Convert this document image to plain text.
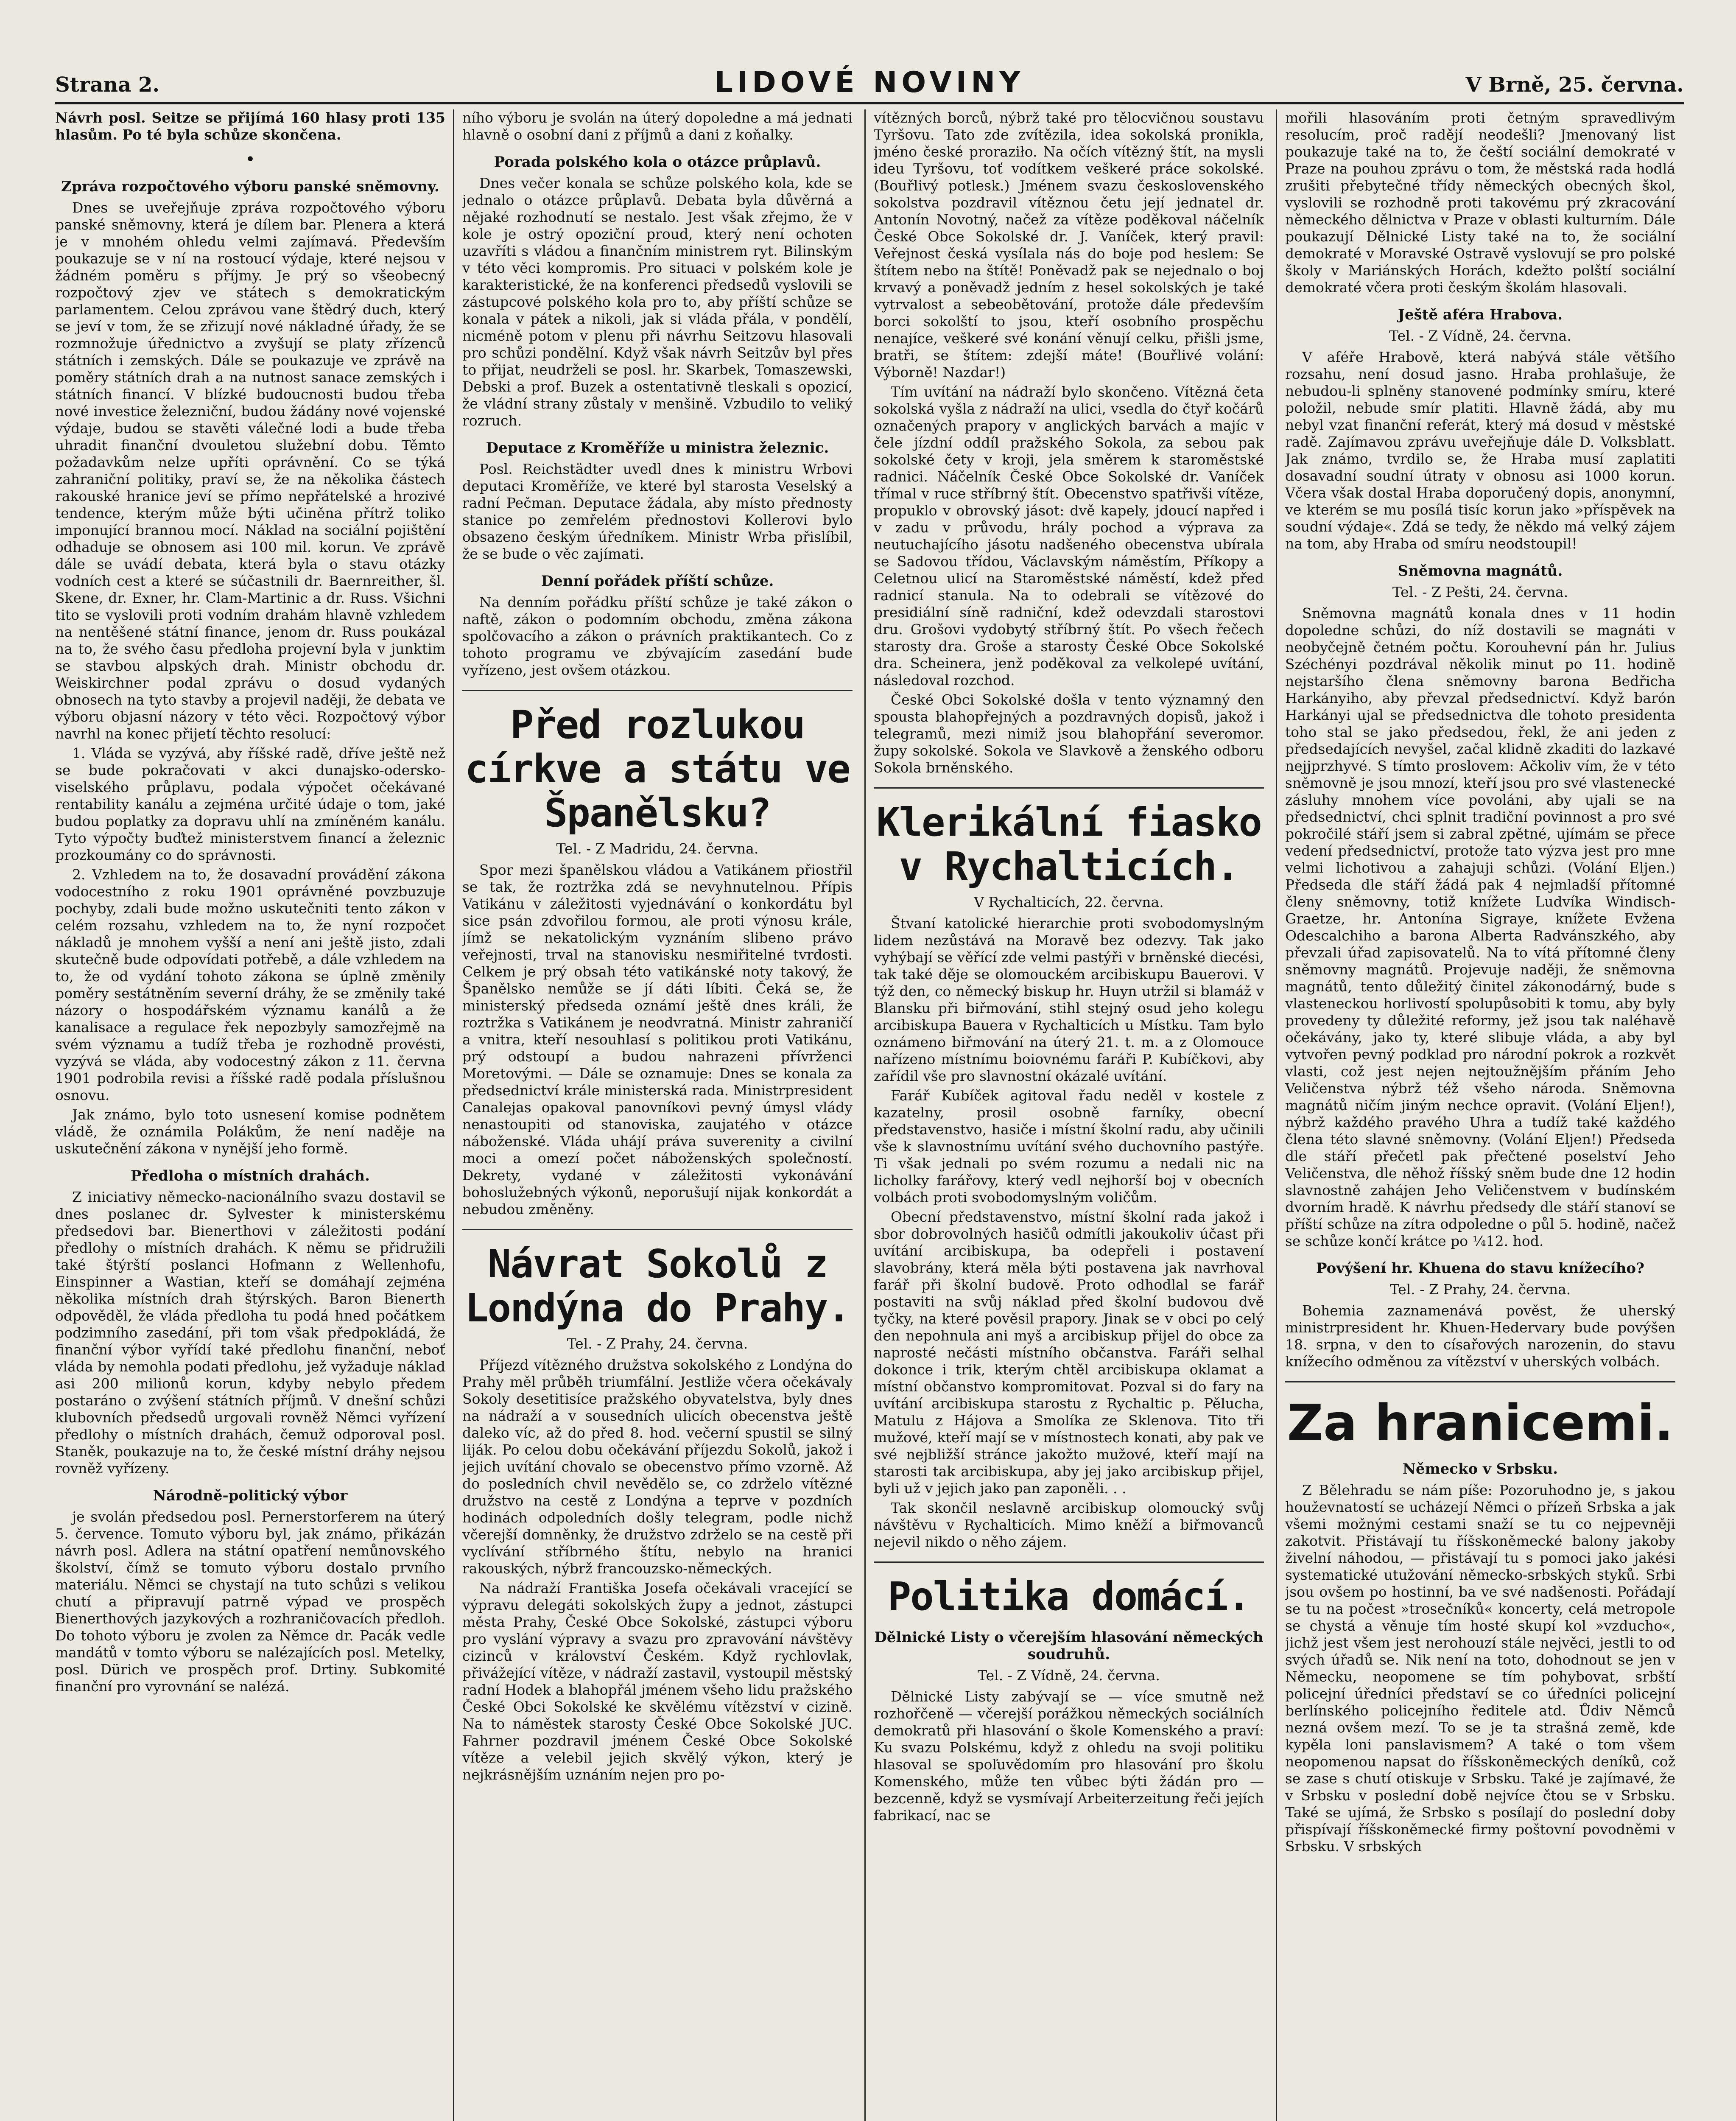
Strana 2.	LIDOVÉ NOVINY	V Brně, 25. června.

Návrh posl. Seitze se přijímá 160 hlasy proti 135 hlasům. Po té byla schůze skončena.

•
Zpráva rozpočtového výboru panské sněmovny.

Dnes se uveřejňuje zpráva rozpočtového výboru panské sněmovny, která je dílem bar. Plenera a která je v mnohém ohledu velmi zajímavá. Především poukazuje se v ní na rostoucí výdaje, které nejsou v žádném poměru s příjmy. Je prý so všeobecný rozpočtový zjev ve státech s demokratickým parlamentem. Celou zprávou vane štědrý duch, který se jeví v tom, že se zřizují nové nákladné úřady, že se rozmnožuje úřednictvo a zvyšují se platy zřízenců státních i zemských. Dále se poukazuje ve zprávě na poměry státních drah a na nutnost sanace zemských i státních financí. V blízké budoucnosti budou třeba nové investice železniční, budou žádány nové vojenské výdaje, budou se stavěti válečné lodi a bude třeba uhradit finanční dvouletou služební dobu. Těmto požadavkům nelze upříti oprávnění. Co se týká zahraniční politiky, praví se, že na několika částech rakouské hranice jeví se přímo nepřátelské a hrozivé tendence, kterým může býti učiněna přítrž toliko imponující brannou mocí. Náklad na sociální pojištění odhaduje se obnosem asi 100 mil. korun. Ve zprávě dále se uvádí debata, která byla o stavu otázky vodních cest a které se súčastnili dr. Baernreither, šl. Skene, dr. Exner, hr. Clam-Martinic a dr. Russ. Všichni tito se vyslovili proti vodním drahám hlavně vzhledem na nentěšené státní finance, jenom dr. Russ poukázal na to, že svého času předloha projevní byla v junktim se stavbou alpských drah. Ministr obchodu dr. Weiskirchner podal zprávu o dosud vydaných obnosech na tyto stavby a projevil naději, že debata ve výboru objasní názory v této věci. Rozpočtový výbor navrhl na konec přijetí těchto resolucí:

1. Vláda se vyzývá, aby říšské radě, dříve ještě než se bude pokračovati v akci dunajsko-odersko-viselského průplavu, podala výpočet očekávané rentability kanálu a zejména určité údaje o tom, jaké budou poplatky za dopravu uhlí na zmíněném kanálu. Tyto výpočty buďtež ministerstvem financí a železnic prozkoumány co do správnosti.

2. Vzhledem na to, že dosavadní provádění zákona vodocestního z roku 1901 oprávněné povzbuzuje pochyby, zdali bude možno uskutečniti tento zákon v celém rozsahu, vzhledem na to, že nyní rozpočet nákladů je mnohem vyšší a není ani ještě jisto, zdali skutečně bude odpovídati potřebě, a dále vzhledem na to, že od vydání tohoto zákona se úplně změnily poměry sestátněním severní dráhy, že se změnily také názory o hospodářském významu kanálů a že kanalisace a regulace řek nepozbyly samozřejmě na svém významu a tudíž třeba je rozhodně provésti, vyzývá se vláda, aby vodocestný zákon z 11. června 1901 podrobila revisi a říšské radě podala příslušnou osnovu.

Jak známo, bylo toto usnesení komise podnětem vládě, že oznámila Polákům, že není naděje na uskutečnění zákona v nynější jeho formě.

Předloha o místních drahách.

Z iniciativy německo-nacionálního svazu dostavil se dnes poslanec dr. Sylvester k ministerskému předsedovi bar. Bienerthovi v záležitosti podání předlohy o místních drahách. K němu se přidružili také štýrští poslanci Hofmann z Wellenhofu, Einspinner a Wastian, kteří se domáhají zejména několika místních drah štýrských. Baron Bienerth odpověděl, že vláda předloha tu podá hned počátkem podzimního zasedání, při tom však předpokládá, že finanční výbor vyřídí také předlohu finanční, neboť vláda by nemohla podati předlohu, jež vyžaduje náklad asi 200 milionů korun, kdyby nebylo předem postaráno o zvýšení státních příjmů. V dnešní schůzi klubovních předsedů urgovali rovněž Němci vyřízení předlohy o místních drahách, čemuž odporoval posl. Staněk, poukazuje na to, že české místní dráhy nejsou rovněž vyřízeny.

Národně-politický výbor

je svolán předsedou posl. Pernerstorferem na úterý 5. července. Tomuto výboru byl, jak známo, přikázán návrh posl. Adlera na státní opatření nemůnovského školství, čímž se tomuto výboru dostalo prvního materiálu. Němci se chystají na tuto schůzi s velikou chutí a připravují patrně výpad ve prospěch Bienerthových jazykových a rozhraničovacích předloh. Do tohoto výboru je zvolen za Němce dr. Pacák vedle mandátů v tomto výboru se nalézajících posl. Metelky, posl. Dürich ve prospěch prof. Drtiny. Subkomité finanční pro vyrovnání se nalézá.

ního výboru je svolán na úterý dopoledne a má jednati hlavně o osobní dani z příjmů a dani z koňalky.

Porada polského kola o otázce průplavů.

Dnes večer konala se schůze polského kola, kde se jednalo o otázce průplavů. Debata byla důvěrná a nějaké rozhodnutí se nestalo. Jest však zřejmo, že v kole je ostrý opoziční proud, který není ochoten uzavříti s vládou a finančním ministrem ryt. Bilinským v této věci kompromis. Pro situaci v polském kole je karakteristické, že na konferenci předsedů vyslovili se zástupcové polského kola pro to, aby příští schůze se konala v pátek a nikoli, jak si vláda přála, v pondělí, nicméně potom v plenu při návrhu Seitzovu hlasovali pro schůzi pondělní. Když však návrh Seitzův byl přes to přijat, neudrželi se posl. hr. Skarbek, Tomaszewski, Debski a prof. Buzek a ostentativně tleskali s opozicí, že vládní strany zůstaly v menšině. Vzbudilo to veliký rozruch.

Deputace z Kroměříže u ministra železnic.

Posl. Reichstädter uvedl dnes k ministru Wrbovi deputaci Kroměříže, ve které byl starosta Veselský a radní Pečman. Deputace žádala, aby místo přednosty stanice po zemřelém přednostovi Kollerovi bylo obsazeno českým úředníkem. Ministr Wrba přislíbil, že se bude o věc zajímati.

Denní pořádek příští schůze.

Na denním pořádku příští schůze je také zákon o naftě, zákon o podomním obchodu, změna zákona spolčovacího a zákon o právních praktikantech. Co z tohoto programu ve zbývajícím zasedání bude vyřízeno, jest ovšem otázkou.

Před rozlukou církve a státu ve Španělsku?
Tel. - Z Madridu, 24. června.

Spor mezi španělskou vládou a Vatikánem přiostřil se tak, že roztržka zdá se nevyhnutelnou. Přípis Vatikánu v záležitosti vyjednávání o konkordátu byl sice psán zdvořilou formou, ale proti výnosu krále, jímž se nekatolickým vyznáním slibeno právo veřejnosti, trval na stanovisku nesmiřitelné tvrdosti. Celkem je prý obsah této vatikánské noty takový, že Španělsko nemůže se jí dáti líbiti. Čeká se, že ministerský předseda oznámí ještě dnes králi, že roztržka s Vatikánem je neodvratná. Ministr zahraničí a vnitra, kteří nesouhlasí s politikou proti Vatikánu, prý odstoupí a budou nahrazeni přívrženci Moretovými. — Dále se oznamuje: Dnes se konala za předsednictví krále ministerská rada. Ministrpresident Canalejas opakoval panovníkovi pevný úmysl vlády nenastoupiti od stanoviska, zaujatého v otázce náboženské. Vláda uhájí práva suverenity a civilní moci a omezí počet náboženských společností. Dekrety, vydané v záležitosti vykonávání bohoslužebných výkonů, neporušují nijak konkordát a nebudou změněny.

Návrat Sokolů z Londýna do Prahy.
Tel. - Z Prahy, 24. června.

Příjezd vítězného družstva sokolského z Londýna do Prahy měl průběh triumfální. Jestliže včera očekávaly Sokoly desetitisíce pražského obyvatelstva, byly dnes na nádraží a v sousedních ulicích obecenstva ještě daleko víc, až do před 8. hod. večerní spustil se silný liják. Po celou dobu očekávání příjezdu Sokolů, jakož i jejich uvítání chovalo se obecenstvo přímo vzorně. Až do posledních chvil nevědělo se, co zdrželo vítězné družstvo na cestě z Londýna a teprve v pozdních hodinách odpoledních došly telegram, podle nichž včerejší domněnky, že družstvo zdrželo se na cestě při vyclívání stříbrného štítu, nebylo na hranici rakouských, nýbrž francouzsko-německých.

Na nádraží Františka Josefa očekávali vracející se výpravu delegáti sokolských župy a jednot, zástupci města Prahy, České Obce Sokolské, zástupci výboru pro vyslání výpravy a svazu pro zpravování návštěvy cizinců v království Českém. Když rychlovlak, přivážející vítěze, v nádraží zastavil, vystoupil městský radní Hodek a blahopřál jménem všeho lidu pražského České Obci Sokolské ke skvělému vítězství v cizině. Na to náměstek starosty České Obce Sokolské JUC. Fahrner pozdravil jménem České Obce Sokolské vítěze a velebil jejich skvělý výkon, který je nejkrásnějším uznáním nejen pro po-

vítězných borců, nýbrž také pro tělocvičnou soustavu Tyršovu. Tato zde zvítězila, idea sokolská pronikla, jméno české proraziło. Na očích vítězný štít, na mysli ideu Tyršovu, toť vodítkem veškeré práce sokolské. (Bouřlivý potlesk.) Jménem svazu československého sokolstva pozdravil vítěznou četu její jednatel dr. Antonín Novotný, načež za vítěze poděkoval náčelník České Obce Sokolské dr. J. Vaníček, který pravil: Veřejnost česká vysílala nás do boje pod heslem: Se štítem nebo na štítě! Poněvadž pak se nejednalo o boj krvavý a poněvadž jedním z hesel sokolských je také vytrvalost a sebeobětování, protože dále především borci sokolští to jsou, kteří osobního prospěchu nenajíce, veškeré své konání věnují celku, přišli jsme, bratři, se štítem: zdejší máte! (Bouřlivé volání: Výborně! Nazdar!)

Tím uvítání na nádraží bylo skončeno. Vítězná četa sokolská vyšla z nádraží na ulici, vsedla do čtyř kočárů označených prapory v anglických barvách a majíc v čele jízdní oddíl pražského Sokola, za sebou pak sokolské čety v kroji, jela směrem k staroměstské radnici. Náčelník České Obce Sokolské dr. Vaníček třímal v ruce stříbrný štít. Obecenstvo spatřivši vítěze, propuklo v obrovský jásot: dvě kapely, jdoucí napřed i v zadu v průvodu, hrály pochod a výprava za neutuchajícího jásotu nadšeného obecenstva ubírala se Sadovou třídou, Václavským náměstím, Příkopy a Celetnou ulicí na Staroměstské náměstí, kdež před radnicí stanula. Na to odebrali se vítězové do presidiální síně radniční, kdež odevzdali starostovi dru. Grošovi vydobytý stříbrný štít. Po všech řečech starosty dra. Groše a starosty České Obce Sokolské dra. Scheinera, jenž poděkoval za velkolepé uvítání, následoval rozchod.

České Obci Sokolské došla v tento významný den spousta blahopřejných a pozdravných dopisů, jakož i telegramů, mezi nimiž jsou blahopřání severomor. župy sokolské. Sokola ve Slavkově a ženského odboru Sokola brněnského.

Klerikální fiasko v Rychalticích.
V Rychalticích, 22. června.

Štvaní katolické hierarchie proti svobodomyslným lidem nezůstává na Moravě bez odezvy. Tak jako vyhýbají se věřící zde velmi pastýři v brněnské diecési, tak také děje se olomouckém arcibiskupu Bauerovi. V týž den, co německý biskup hr. Huyn utržil si blamáž v Blansku při biřmování, stihl stejný osud jeho kolegu arcibiskupa Bauera v Rychalticích u Místku. Tam bylo oznámeno biřmování na úterý 21. t. m. a z Olomouce nařízeno místnímu boiovnému faráři P. Kubíčkovi, aby zařídil vše pro slavnostní okázalé uvítání.

Farář Kubíček agitoval řadu neděl v kostele z kazatelny, prosil osobně farníky, obecní představenstvo, hasiče i místní školní radu, aby učinili vše k slavnostnímu uvítání svého duchovního pastýře. Ti však jednali po svém rozumu a nedali nic na licholky farářovy, který vedl nejhorší boj v obecních volbách proti svobodomyslným voličům.

Obecní představenstvo, místní školní rada jakož i sbor dobrovolných hasičů odmítli jakoukoliv účast při uvítání arcibiskupa, ba odepřeli i postavení slavobrány, která měla býti postavena jak navrhoval farář při školní budově. Proto odhodlal se farář postaviti na svůj náklad před školní budovou dvě tyčky, na které pověsil prapory. Jinak se v obci po celý den nepohnula ani myš a arcibiskup přijel do obce za naprosté nečásti místního občanstva. Faráři selhal dokonce i trik, kterým chtěl arcibiskupa oklamat a místní občanstvo kompromitovat. Pozval si do fary na uvítání arcibiskupa starostu z Rychaltic p. Pělucha, Matulu z Hájova a Smolíka ze Sklenova. Tito tři mužové, kteří mají se v místnostech konati, aby pak ve své nejbližší stránce jakožto mužové, kteří mají na starosti tak arcibiskupa, aby jej jako arcibiskup přijel, byli už v jejich jako pan zaponěli. . .

Tak skončil neslavně arcibiskup olomoucký svůj návštěvu v Rychalticích. Mimo kněží a biřmovanců nejevil nikdo o něho zájem.

Politika domácí.
Dělnické Listy o včerejším hlasování německých soudruhů.
Tel. - Z Vídně, 24. června.

Dělnické Listy zabývají se — více smutně než rozhořčeně — včerejší porážkou německých sociálních demokratů při hlasování o škole Komenského a praví: Ku svazu Polskému, když z ohledu na svoji politiku hlasoval se spoľuvědomím pro hlasování pro školu Komenského, může ten vůbec býti žádán pro — bezcenně, když se vysmívají Arbeiterzeitung řeči jejích fabrikací, nac se

mořili hlasováním proti četným spravedlivým resolucím, proč radějí neodešli? Jmenovaný list poukazuje také na to, že čeští sociální demokraté v Praze na pouhou zprávu o tom, že městská rada hodlá zrušiti přebytečné třídy německých obecných škol, vyslovili se rozhodně proti takovému prý zkracování německého dělnictva v Praze v oblasti kulturním. Dále poukazují Dělnické Listy také na to, že sociální demokraté v Moravské Ostravě vyslovují se pro polské školy v Mariánských Horách, kdežto polští sociální demokraté včera proti českým školám hlasovali.

Ještě aféra Hrabova.
Tel. - Z Vídně, 24. června.

V aféře Hrabově, která nabývá stále většího rozsahu, není dosud jasno. Hraba prohlašuje, že nebudou-li splněny stanovené podmínky smíru, které položil, nebude smír platiti. Hlavně žádá, aby mu nebyl vzat finanční referát, který má dosud v městské radě. Zajímavou zprávu uveřejňuje dále D. Volksblatt. Jak známo, tvrdilo se, že Hraba musí zaplatiti dosavadní soudní útraty v obnosu asi 1000 korun. Včera však dostal Hraba doporučený dopis, anonymní, ve kterém se mu posílá tisíc korun jako »příspěvek na soudní výdaje«. Zdá se tedy, že někdo má velký zájem na tom, aby Hraba od smíru neodstoupil!

Sněmovna magnátů.
Tel. - Z Pešti, 24. června.

Sněmovna magnátů konala dnes v 11 hodin dopoledne schůzi, do níž dostavili se magnáti v neobyčejně četném počtu. Korouhevní pán hr. Julius Széchényi pozdrával několik minut po 11. hodině nejstaršího člena sněmovny barona Bedřicha Harkányiho, aby převzal předsednictví. Když barón Harkányi ujal se předsednictva dle tohoto presidenta toho stal se jako předsedou, řekl, že ani jeden z předsedajících nevyšel, začal klidně zkaditi do lazkavé nejjprzhyvé. S tímto proslovem: Ačkoliv vím, že v této sněmovně je jsou mnozí, kteří jsou pro své vlastenecké zásluhy mnohem více povoláni, aby ujali se na předsednictví, chci splnit tradiční povinnost a pro své pokročilé stáří jsem si zabral zpětné, ujímám se přece vedení předsednictví, protože tato výzva jest pro mne velmi lichotivou a zahajuji schůzi. (Volání Eljen.) Předseda dle stáří žádá pak 4 nejmladší přítomné členy sněmovny, totiž knížete Ludvíka Windisch-Graetze, hr. Antonína Sigraye, knížete Evžena Odescalchiho a barona Alberta Radvánszkého, aby převzali úřad zapisovatelů. Na to vítá přítomné členy sněmovny magnátů. Projevuje naději, že sněmovna magnátů, tento důležitý činitel zákonodárný, bude s vlasteneckou horlivostí spolupůsobiti k tomu, aby byly provedeny ty důležité reformy, jež jsou tak naléhavě očekávány, jako ty, které slibuje vláda, a aby byl vytvořen pevný podklad pro národní pokrok a rozkvět vlasti, což jest nejen nejtoužnějším přáním Jeho Veličenstva nýbrž též všeho národa. Sněmovna magnátů ničím jiným nechce opravit. (Volání Eljen!), nýbrž každého pravého Uhra a tudíž také každého člena této slavné sněmovny. (Volání Eljen!) Předseda dle stáří přečetl pak přečtené poselství Jeho Veličenstva, dle něhož říšský sněm bude dne 12 hodin slavnostně zahájen Jeho Veličenstvem v budínském dvorním hradě. K návrhu předsedy dle stáří stanoví se příští schůze na zítra odpoledne o půl 5. hodině, načež se schůze končí krátce po ¼12. hod.

Povýšení hr. Khuena do stavu knížecího?
Tel. - Z Prahy, 24. června.

Bohemia zaznamenává pověst, že uherský ministrpresident hr. Khuen-Hedervary bude povýšen 18. srpna, v den to císařových narozenin, do stavu knížecího odměnou za vítězství v uherských volbách.

Za hranicemi.
Německo v Srbsku.

Z Bělehradu se nám píše: Pozoruhodno je, s jakou houževnatostí se ucházejí Němci o přízeň Srbska a jak všemi možnými cestami snaží se tu co nejpevněji zakotvit. Přistávají tu říšskoněmecké balony jakoby živelní náhodou, — přistávají tu s pomoci jako jakési systematické utužování německo-srbských styků. Srbi jsou ovšem po hostinní, ba ve své nadšenosti. Pořádají se tu na počest »trosečníků« koncerty, celá metropole se chystá a věnuje tím hosté skupí kol »vzducho«, jichž jest všem jest nerohouzí stále nejvěci, jestli to od svých úřadů se. Nik není na toto, dohodnout se jen v Německu, neopomene se tím pohybovat, srbští policejní úředníci představí se co úředníci policejní berlínského policejního ředitele atd. Ůdiv Němců nezná ovšem mezí. To se je ta strašná země, kde kypěla loni panslavismem? A také o tom všem neopomenou napsat do říšskoněmeckých deníků, což se zase s chutí otiskuje v Srbsku. Také je zajímavé, že v Srbsku v poslední době nejvíce čtou se v Srbsku. Také se ujímá, že Srbsko s posílají do poslední doby přispívají říšskoněmecké firmy poštovní povodněmi v Srbsku. V srbských
